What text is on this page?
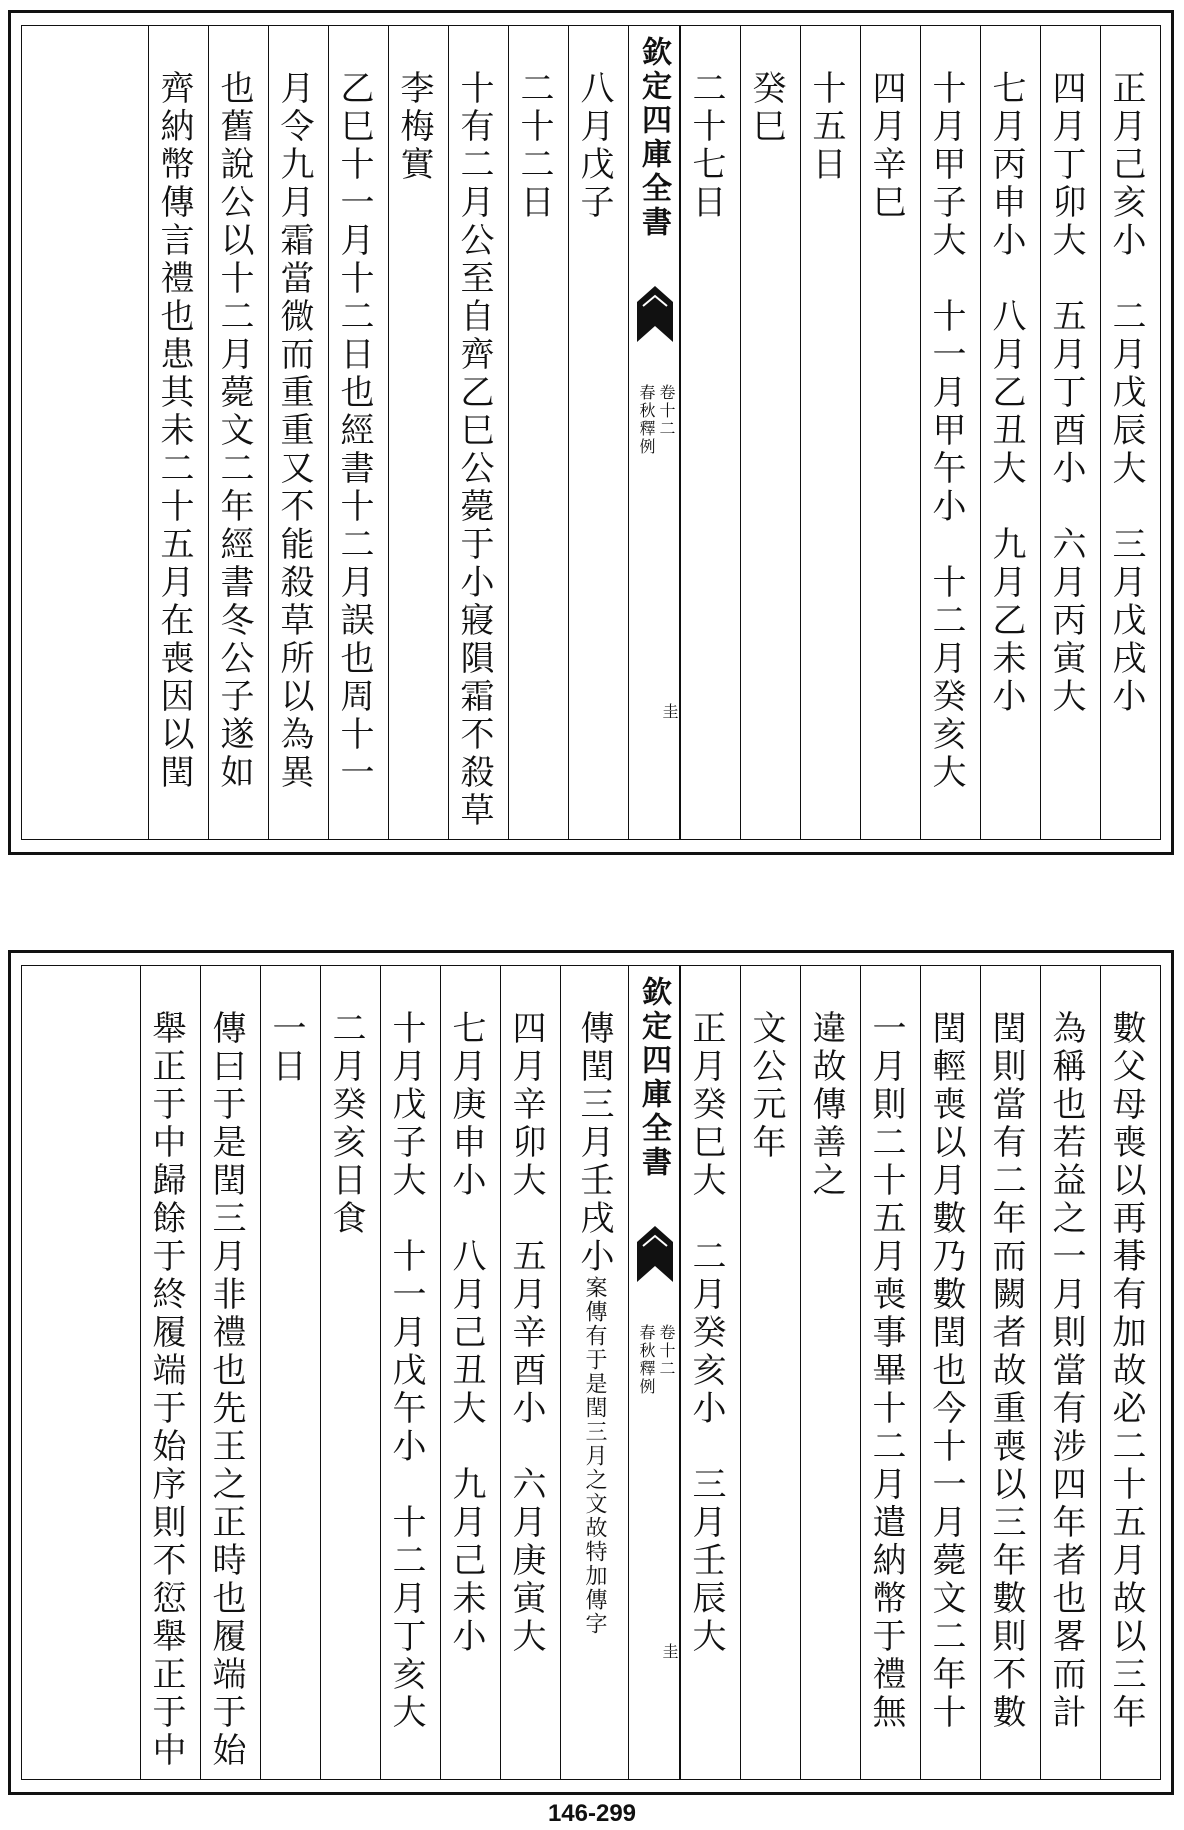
正月己亥小　二月戊辰大　三月戊戌小
四月丁卯大　五月丁酉小　六月丙寅大
七月丙申小　八月乙丑大　九月乙未小
十月甲子大　十一月甲午小　十二月癸亥大
四月辛巳
十五日
癸巳
二十七日
欽定四庫全書
春秋釋例 卷十二
圭
八月戊子
二十二日
十有二月公至自齊乙巳公薨于小寢隕霜不殺草
李梅實
乙巳十一月十二日也經書十二月誤也周十一
月令九月霜當微而重重又不能殺草所以為異
也舊說公以十二月薨文二年經書冬公子遂如
齊納幣傳言禮也患其未二十五月在喪因以閏
數父母喪以再朞有加故必二十五月故以三年
為稱也若益之一月則當有涉四年者也畧而計
閏則當有二年而闕者故重喪以三年數則不數
閏輕喪以月數乃數閏也今十一月薨文二年十
一月則二十五月喪事畢十二月遣納幣于禮無
違故傳善之
文公元年
正月癸巳大　二月癸亥小　三月壬辰大
欽定四庫全書
春秋釋例 卷十二
圭
傳閏三月壬戌小案傳有于是閏三月之文故特加傳字
四月辛卯大　五月辛酉小　六月庚寅大
七月庚申小　八月己丑大　九月己未小
十月戊子大　十一月戊午小　十二月丁亥大
二月癸亥日食
一日
傳曰于是閏三月非禮也先王之正時也履端于始
舉正于中歸餘于終履端于始序則不愆舉正于中
146-299
